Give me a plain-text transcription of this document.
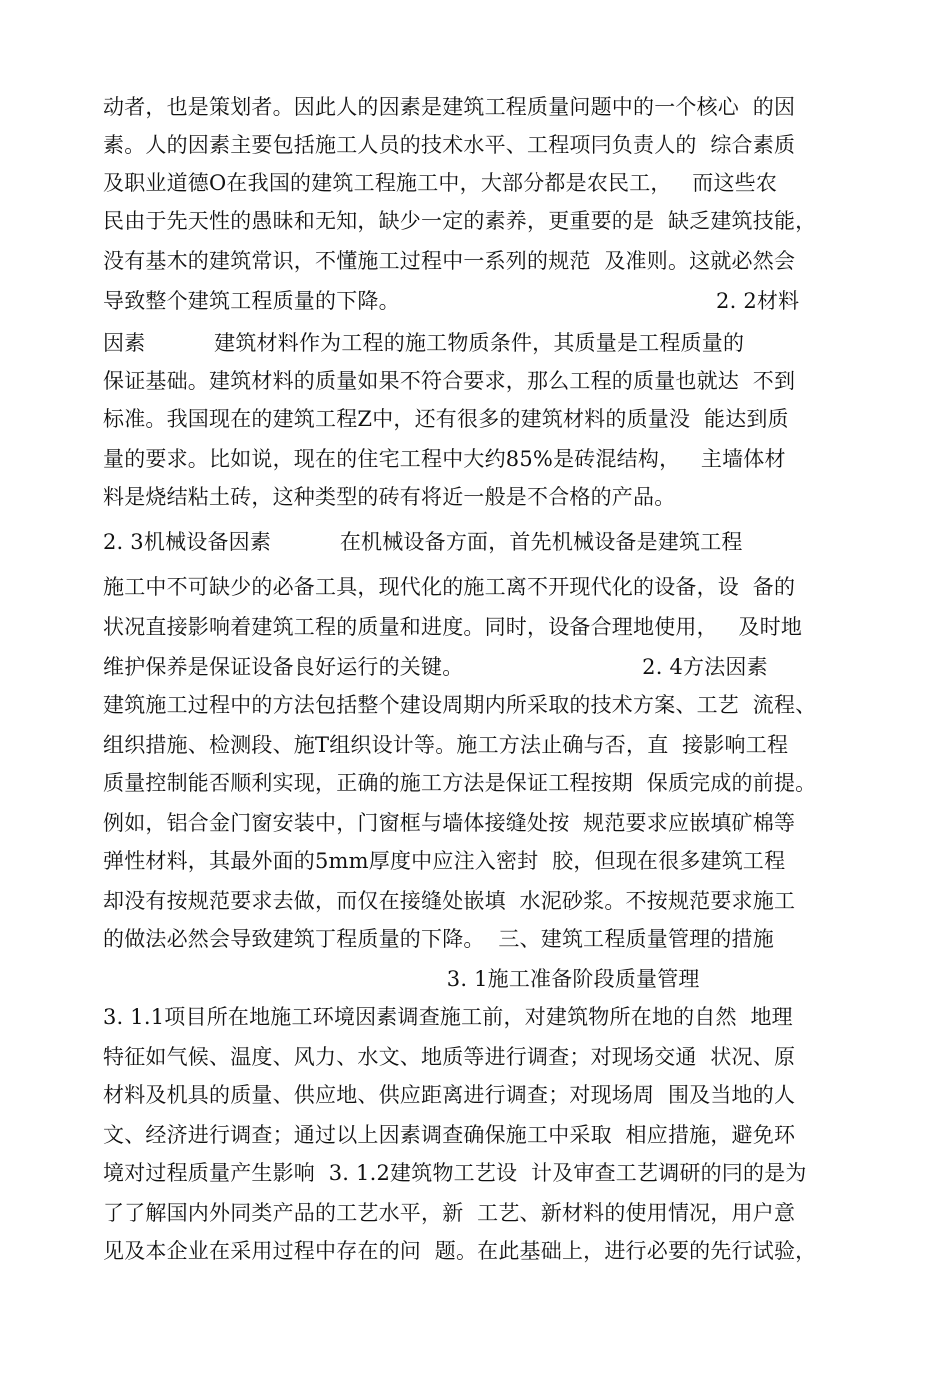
动者，也是策划者。因此人的因素是建筑工程质量问题中的一个核心  的因
素。人的因素主要包括施工人员的技术水平、工程项冃负责人的  综合素质
及职业道德O在我国的建筑工程施工中，大部分都是农民工，   而这些农
民由于先天性的愚昧和无知，缺少一定的素养，更重要的是  缺乏建筑技能，
没有基木的建筑常识，不懂施工过程中一系列的规范  及准则。这就必然会
导致整个建筑工程质量的下降。                                              2. 2材料
因素          建筑材料作为工程的施工物质条件，其质量是工程质量的
保证基础。建筑材料的质量如果不符合要求，那么工程的质量也就达  不到
标准。我国现在的建筑工程Z中，还有很多的建筑材料的质量没  能达到质
量的要求。比如说，现在的住宅工程中大约85%是砖混结构，   主墙体材
料是烧结粘土砖，这种类型的砖有将近一般是不合格的产品。
2. 3机械设备因素          在机械设备方面，首先机械设备是建筑工程
施工中不可缺少的必备工具，现代化的施工离不开现代化的设备，设  备的
状况直接影响着建筑工程的质量和进度。同时，设备合理地使用，   及时地
维护保养是保证设备良好运行的关键。                          2. 4方法因素
建筑施工过程中的方法包括整个建设周期内所采取的技术方案、工艺  流程、
组织措施、检测段、施T组织设计等。施工方法止确与否，直  接影响工程
质量控制能否顺利实现，正确的施工方法是保证工程按期  保质完成的前提。
例如，铝合金门窗安装中，门窗框与墙体接缝处按  规范要求应嵌填矿棉等
弹性材料，其最外面的5mm厚度中应注入密封  胶，但现在很多建筑工程
却没有按规范要求去做，而仅在接缝处嵌填  水泥砂浆。不按规范要求施工
的做法必然会导致建筑丁程质量的下降。  三、建筑工程质量管理的措施
3. 1施工准备阶段质量管理
3. 1.1项目所在地施工环境因素调查施工前，对建筑物所在地的自然  地理
特征如气候、温度、风力、水文、地质等进行调查；对现场交通  状况、原
材料及机具的质量、供应地、供应距离进行调查；对现场周  围及当地的人
文、经济进行调查；通过以上因素调查确保施工中采取  相应措施，避免环
境对过程质量产生影响  3. 1.2建筑物工艺设  计及审查工艺调研的冃的是为
了了解国内外同类产品的工艺水平，新  工艺、新材料的使用情况，用户意
见及本企业在采用过程中存在的问  题。在此基础上，进行必要的先行试验，
